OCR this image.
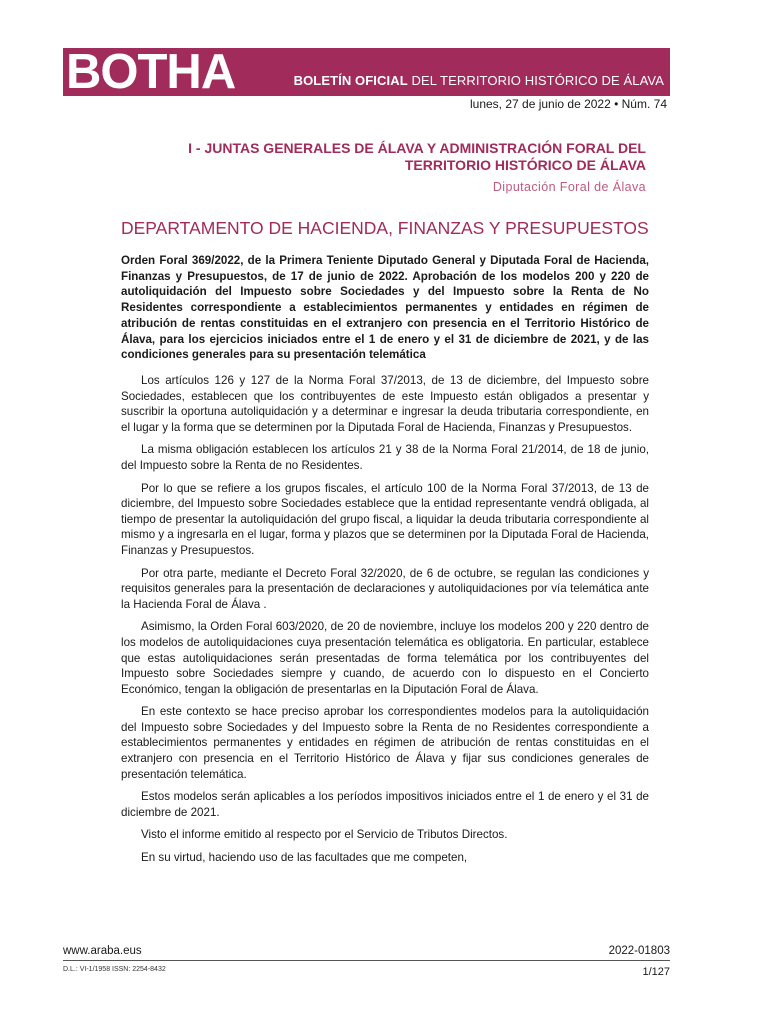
BOTHA	BOLETÍN OFICIAL DEL TERRITORIO HISTÓRICO DE ÁLAVA
lunes, 27 de junio de 2022 • Núm. 74
I - JUNTAS GENERALES DE ÁLAVA Y ADMINISTRACIÓN FORAL DEL TERRITORIO HISTÓRICO DE ÁLAVA
Diputación Foral de Álava
DEPARTAMENTO DE HACIENDA, FINANZAS Y PRESUPUESTOS
Orden Foral 369/2022, de la Primera Teniente Diputado General y Diputada Foral de Hacienda, Finanzas y Presupuestos, de 17 de junio de 2022. Aprobación de los modelos 200 y 220 de autoliquidación del Impuesto sobre Sociedades y del Impuesto sobre la Renta de No Residentes correspondiente a establecimientos permanentes y entidades en régimen de atribución de rentas constituidas en el extranjero con presencia en el Territorio Histórico de Álava, para los ejercicios iniciados entre el 1 de enero y el 31 de diciembre de 2021, y de las condiciones generales para su presentación telemática

Los artículos 126 y 127 de la Norma Foral 37/2013, de 13 de diciembre, del Impuesto sobre Sociedades, establecen que los contribuyentes de este Impuesto están obligados a presentar y suscribir la oportuna autoliquidación y a determinar e ingresar la deuda tributaria correspondiente, en el lugar y la forma que se determinen por la Diputada Foral de Hacienda, Finanzas y Presupuestos.

La misma obligación establecen los artículos 21 y 38 de la Norma Foral 21/2014, de 18 de junio, del Impuesto sobre la Renta de no Residentes.

Por lo que se refiere a los grupos fiscales, el artículo 100 de la Norma Foral 37/2013, de 13 de diciembre, del Impuesto sobre Sociedades establece que la entidad representante vendrá obligada, al tiempo de presentar la autoliquidación del grupo fiscal, a liquidar la deuda tributaria correspondiente al mismo y a ingresarla en el lugar, forma y plazos que se determinen por la Diputada Foral de Hacienda, Finanzas y Presupuestos.

Por otra parte, mediante el Decreto Foral 32/2020, de 6 de octubre, se regulan las condiciones y requisitos generales para la presentación de declaraciones y autoliquidaciones por vía telemática ante la Hacienda Foral de Álava .

Asimismo, la Orden Foral 603/2020, de 20 de noviembre, incluye los modelos 200 y 220 dentro de los modelos de autoliquidaciones cuya presentación telemática es obligatoria. En particular, establece que estas autoliquidaciones serán presentadas de forma telemática por los contribuyentes del Impuesto sobre Sociedades siempre y cuando, de acuerdo con lo dispuesto en el Concierto Económico, tengan la obligación de presentarlas en la Diputación Foral de Álava.

En este contexto se hace preciso aprobar los correspondientes modelos para la autoliquidación del Impuesto sobre Sociedades y del Impuesto sobre la Renta de no Residentes correspondiente a establecimientos permanentes y entidades en régimen de atribución de rentas constituidas en el extranjero con presencia en el Territorio Histórico de Álava y fijar sus condiciones generales de presentación telemática.

Estos modelos serán aplicables a los períodos impositivos iniciados entre el 1 de enero y el 31 de diciembre de 2021.

Visto el informe emitido al respecto por el Servicio de Tributos Directos.

En su virtud, haciendo uso de las facultades que me competen,

www.araba.eus
D.L.: VI-1/1958 ISSN: 2254-8432
2022-01803
1/127
